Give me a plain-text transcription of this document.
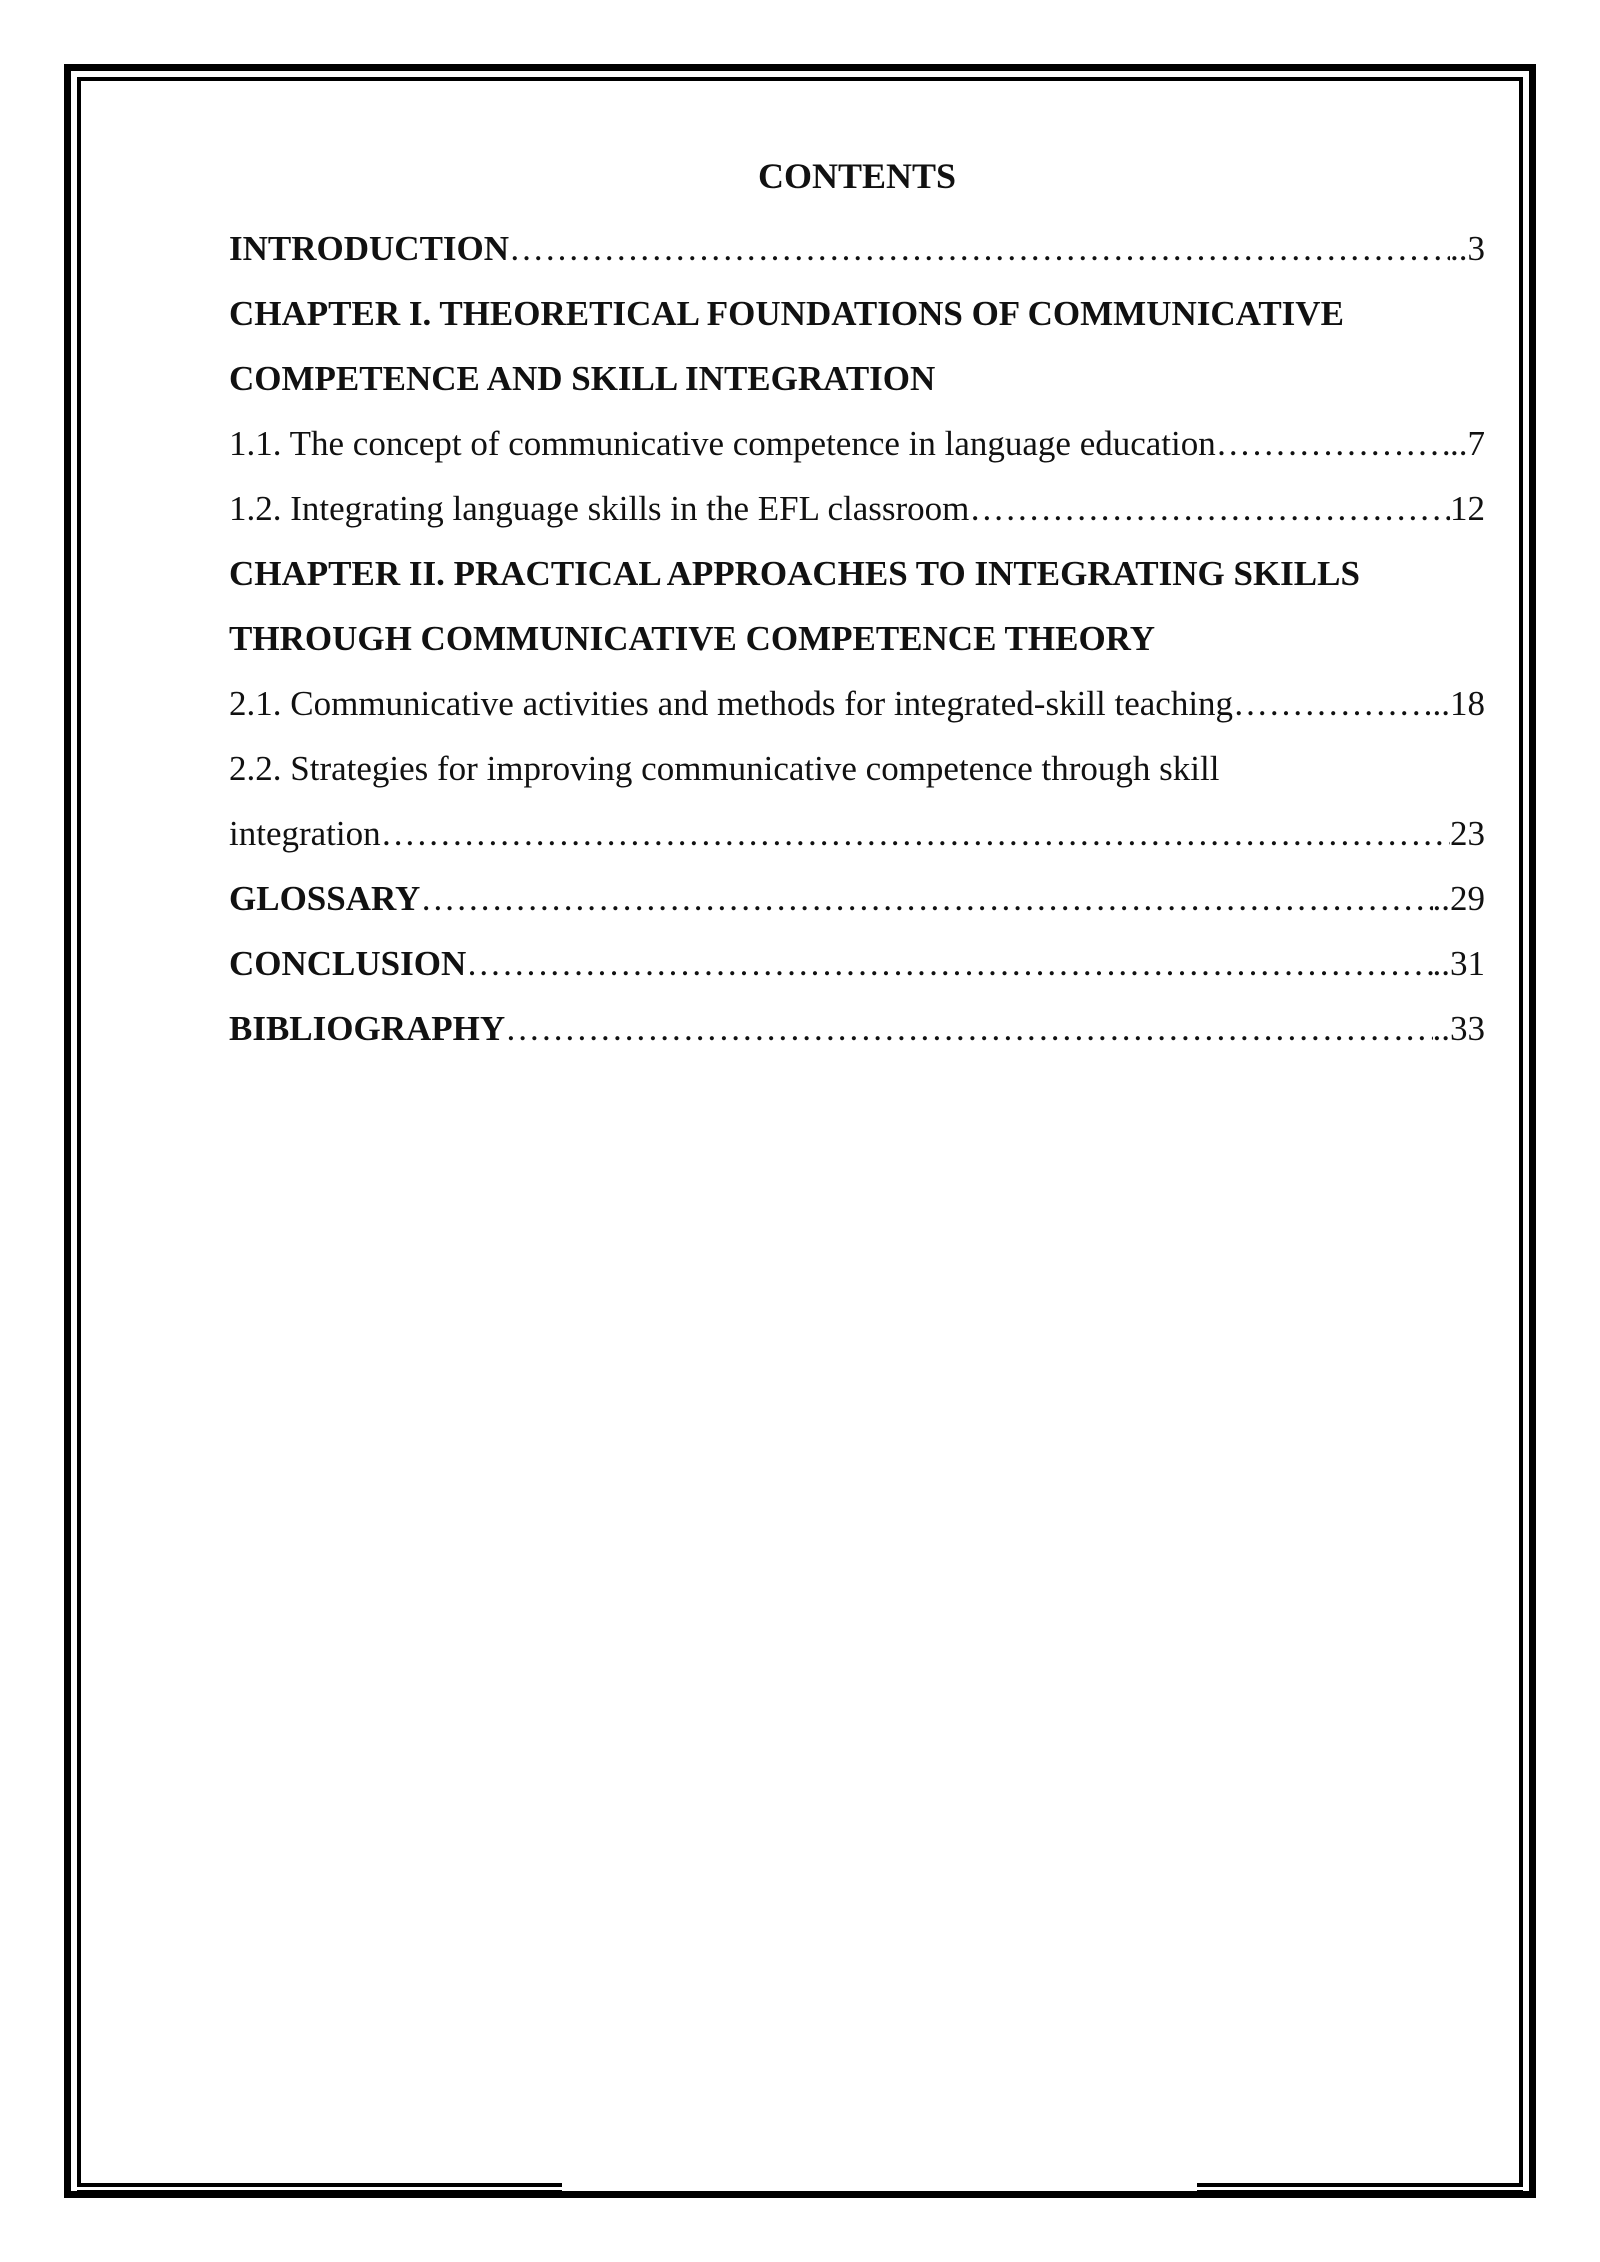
CONTENTS
INTRODUCTION ……………………………………………………………………………………………………………………………………………………………………………………………………	..3
CHAPTER I. THEORETICAL FOUNDATIONS OF COMMUNICATIVE
COMPETENCE AND SKILL INTEGRATION
1.1. The concept of communicative competence in language education ……………………………………………………………………………………………………………………………………………………………………………………………………	..7
1.2. Integrating language skills in the EFL classroom ……………………………………………………………………………………………………………………………………………………………………………………………………	12
CHAPTER II. PRACTICAL APPROACHES TO INTEGRATING SKILLS
THROUGH COMMUNICATIVE COMPETENCE THEORY
2.1. Communicative activities and methods for integrated-skill teaching ……………………………………………………………………………………………………………………………………………………………………………………………………	..18
2.2. Strategies for improving communicative competence through skill
integration ……………………………………………………………………………………………………………………………………………………………………………………………………	23
GLOSSARY ……………………………………………………………………………………………………………………………………………………………………………………………………	..29
CONCLUSION ……………………………………………………………………………………………………………………………………………………………………………………………………	..31
BIBLIOGRAPHY ……………………………………………………………………………………………………………………………………………………………………………………………………	..33
